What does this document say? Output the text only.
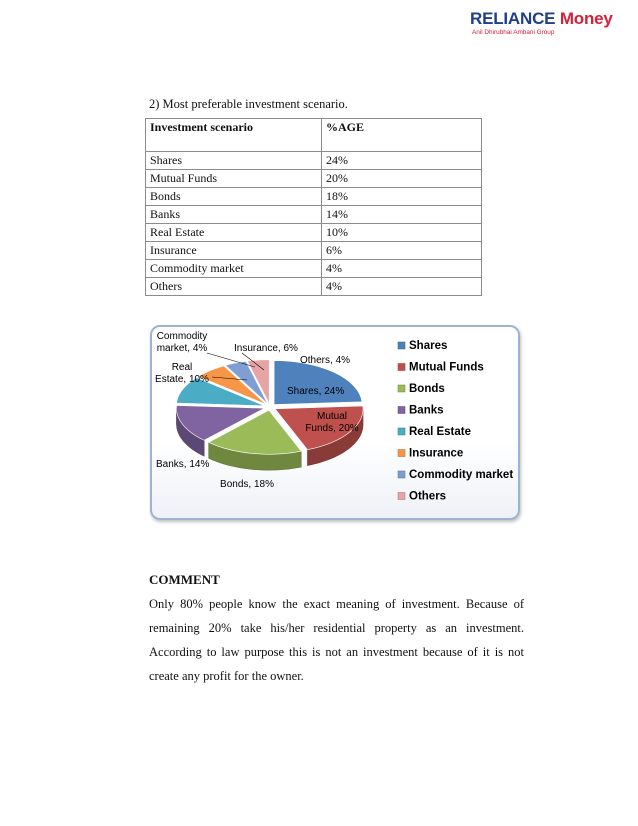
RELIANCE Money
Anil Dhirubhai Ambani Group
2) Most preferable investment scenario.
Investment scenario	%AGE
Shares	24%
Mutual Funds	20%
Bonds	18%
Banks	14%
Real Estate	10%
Insurance	6%
Commodity market	4%
Others	4%
Shares, 24%
Mutual Funds, 20%
Bonds, 18%
Banks, 14%
Real Estate, 10%
Insurance, 6%
Commodity market, 4%
Others, 4%
Shares
Mutual Funds
Bonds
Banks
Real Estate
Insurance
Commodity market
Others
COMMENT
Only 80% people know the exact meaning of investment. Because of remaining 20% take his/her residential property as an investment. According to law purpose this is not an investment because of it is not create any profit for the owner.
